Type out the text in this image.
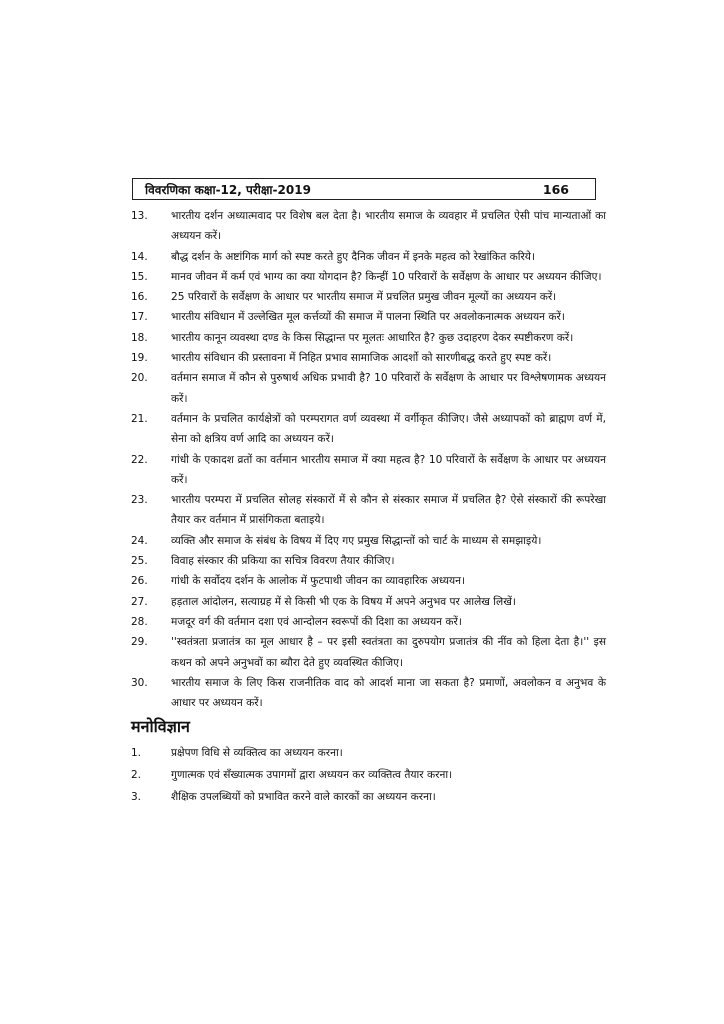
विवरणिका कक्षा-12, परीक्षा-2019	166
13.	भारतीय दर्शन अध्यात्मवाद पर विशेष बल देता है। भारतीय समाज के व्यवहार में प्रचलित ऐसी पांच मान्यताओं का अध्ययन करें।
14.	बौद्ध दर्शन के अष्टांगिक मार्ग को स्पष्ट करते हुए दैनिक जीवन में इनके महत्व को रेखांकित करिये।
15.	मानव जीवन में कर्म एवं भाग्य का क्या योगदान है? किन्हीं 10 परिवारों के सर्वेक्षण के आधार पर अध्ययन कीजिए।
16.	25 परिवारों के सर्वेक्षण के आधार पर भारतीय समाज में प्रचलित प्रमुख जीवन मूल्यों का अध्ययन करें।
17.	भारतीय संविधान में उल्लेखित मूल कर्त्तव्यों की समाज में पालना स्थिति पर अवलोकनात्मक अध्ययन करें।
18.	भारतीय कानून व्यवस्था दण्ड के किस सिद्धान्त पर मूलतः आधारित है? कुछ उदाहरण देकर स्पष्टीकरण करें।
19.	भारतीय संविधान की प्रस्तावना में निहित प्रभाव सामाजिक आदर्शो को सारणीबद्ध करते हुए स्पष्ट करें।
20.	वर्तमान समाज में कौन से पुरुषार्थ अधिक प्रभावी है? 10 परिवारों के सर्वेक्षण के आधार पर विश्लेषणामक अध्ययन करें।
21.	वर्तमान के प्रचलित कार्यक्षेत्रों को परम्परागत वर्ण व्यवस्था में वर्गीकृत कीजिए। जैसे अध्यापकों को ब्राह्मण वर्ण में, सेना को क्षत्रिय वर्ण आदि का अध्ययन करें।
22.	गांधी के एकादश व्रतों का वर्तमान भारतीय समाज में क्या महत्व है? 10 परिवारों के सर्वेक्षण के आधार पर अध्ययन करें।
23.	भारतीय परम्परा में प्रचलित सोलह संस्कारों में से कौन से संस्कार समाज में प्रचलित है? ऐसे संस्कारों की रूपरेखा तैयार कर वर्तमान में प्रासंगिकता बताइये।
24.	व्यक्ति और समाज के संबंध के विषय में दिए गए प्रमुख सिद्धान्तों को चार्ट के माध्यम से समझाइये।
25.	विवाह संस्कार की प्रकिया का सचित्र विवरण तैयार कीजिए।
26.	गांधी के सर्वोदय दर्शन के आलोक में फुटपाथी जीवन का व्यावहारिक अध्ययन।
27.	हड़ताल आंदोलन, सत्याग्रह में से किसी भी एक के विषय में अपने अनुभव पर आलेख लिखें।
28.	मजदूर वर्ग की वर्तमान दशा एवं आन्दोलन स्वरूपों की दिशा का अध्ययन करें।
29.	''स्वतंत्रता प्रजातंत्र का मूल आधार है – पर इसी स्वतंत्रता का दुरुपयोग प्रजातंत्र की नींव को हिला देता है।'' इस कथन को अपने अनुभवों का ब्यौरा देते हुए व्यवस्थित कीजिए।
30.	भारतीय समाज के लिए किस राजनीतिक वाद को आदर्श माना जा सकता है? प्रमाणों, अवलोकन व अनुभव के आधार पर अध्ययन करें।
मनोविज्ञान
1.	प्रक्षेपण विधि से व्यक्तित्व का अध्ययन करना।
2.	गुणात्मक एवं सँख्यात्मक उपागमों द्वारा अध्ययन कर व्यक्तित्व तैयार करना।
3.	शैक्षिक उपलब्धियों को प्रभावित करने वाले कारकों का अध्ययन करना।
